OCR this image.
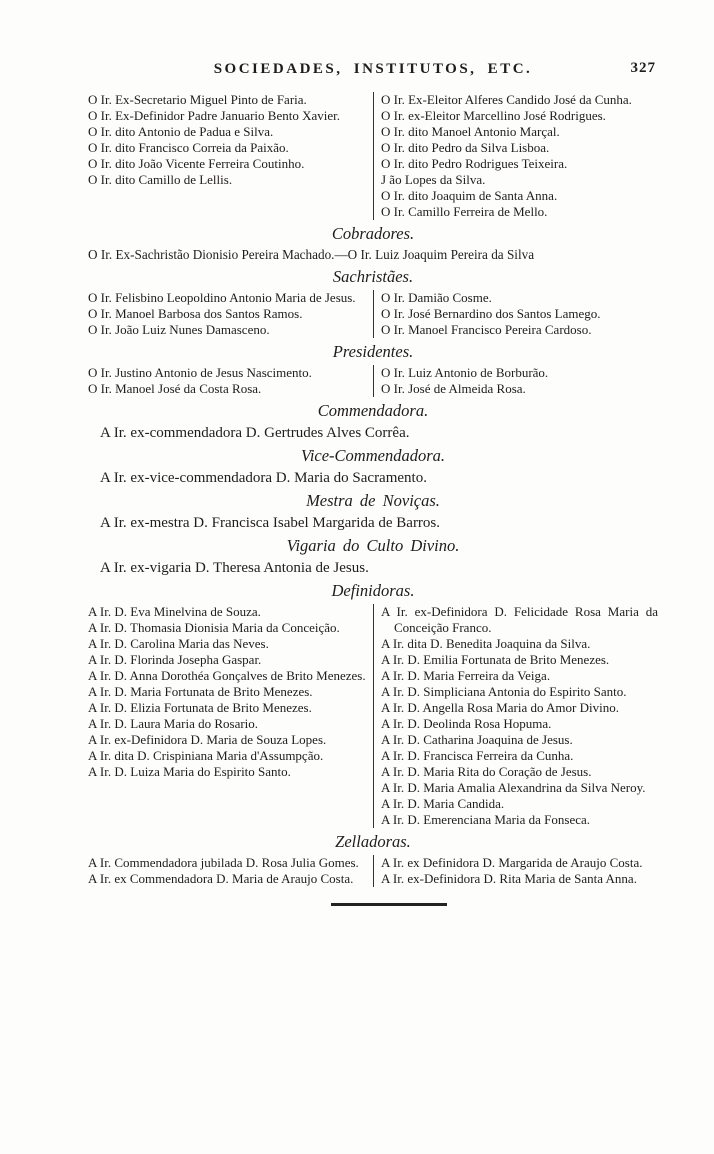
SOCIEDADES, INSTITUTOS, ETC.	327

O Ir. Ex-Secretario Miguel Pinto de Faria.

O Ir. Ex-Definidor Padre Januario Bento Xavier.

O Ir. dito Antonio de Padua e Silva.

O Ir. dito Francisco Correia da Paixão.

O Ir. dito João Vicente Ferreira Coutinho.

O Ir. dito Camillo de Lellis.

O Ir. Ex-Eleitor Alferes Candido José da Cunha.

O Ir. ex-Eleitor Marcellino José Rodrigues.

O Ir. dito Manoel Antonio Marçal.

O Ir. dito Pedro da Silva Lisboa.

O Ir. dito Pedro Rodrigues Teixeira.

J ão Lopes da Silva.

O Ir. dito Joaquim de Santa Anna.

O Ir. Camillo Ferreira de Mello.

Cobradores.

O Ir. Ex-Sachristão Dionisio Pereira Machado.—O Ir. Luiz Joaquim Pereira da Silva

Sachristães.

O Ir. Felisbino Leopoldino Antonio Maria de Jesus.

O Ir. Manoel Barbosa dos Santos Ramos.

O Ir. João Luiz Nunes Damasceno.

O Ir. Damião Cosme.

O Ir. José Bernardino dos Santos Lamego.

O Ir. Manoel Francisco Pereira Cardoso.

Presidentes.

O Ir. Justino Antonio de Jesus Nascimento.

O Ir. Manoel José da Costa Rosa.

O Ir. Luiz Antonio de Borburão.

O Ir. José de Almeida Rosa.

Commendadora.

A Ir. ex-commendadora D. Gertrudes Alves Corrêa.

Vice-Commendadora.

A Ir. ex-vice-commendadora D. Maria do Sacramento.

Mestra de Noviças.

A Ir. ex-mestra D. Francisca Isabel Margarida de Barros.

Vigaria do Culto Divino.

A Ir. ex-vigaria D. Theresa Antonia de Jesus.

Definidoras.

A Ir. D. Eva Minelvina de Souza.

A Ir. D. Thomasia Dionisia Maria da Conceição.

A Ir. D. Carolina Maria das Neves.

A Ir. D. Florinda Josepha Gaspar.

A Ir. D. Anna Dorothéa Gonçalves de Brito Menezes.

A Ir. D. Maria Fortunata de Brito Menezes.

A Ir. D. Elizia Fortunata de Brito Menezes.

A Ir. D. Laura Maria do Rosario.

A Ir. ex-Definidora D. Maria de Souza Lopes.

A Ir. dita D. Crispiniana Maria d'Assumpção.

A Ir. D. Luiza Maria do Espirito Santo.

A Ir. ex-Definidora D. Felicidade Rosa Maria da Conceição Franco.

A Ir. dita D. Benedita Joaquina da Silva.

A Ir. D. Emilia Fortunata de Brito Menezes.

A Ir. D. Maria Ferreira da Veiga.

A Ir. D. Simpliciana Antonia do Espirito Santo.

A Ir. D. Angella Rosa Maria do Amor Divino.

A Ir. D. Deolinda Rosa Hopuma.

A Ir. D. Catharina Joaquina de Jesus.

A Ir. D. Francisca Ferreira da Cunha.

A Ir. D. Maria Rita do Coração de Jesus.

A Ir. D. Maria Amalia Alexandrina da Silva Neroy.

A Ir. D. Maria Candida.

A Ir. D. Emerenciana Maria da Fonseca.

Zelladoras.

A Ir. Commendadora jubilada D. Rosa Julia Gomes.

A Ir. ex Commendadora D. Maria de Araujo Costa.

A Ir. ex Definidora D. Margarida de Araujo Costa.

A Ir. ex-Definidora D. Rita Maria de Santa Anna.
